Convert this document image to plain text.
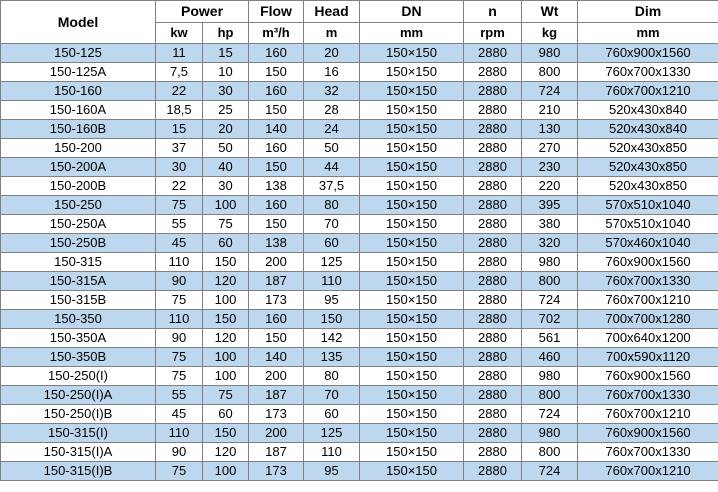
Model	Power		Flow	Head	DN	n	Wt	Dim
	kw	hp	m³/h	m	mm	rpm	kg	mm
150-125	11	15	160	20	150×150	2880	980	760x900x1560
150-125A	7,5	10	150	16	150×150	2880	800	760x700x1330
150-160	22	30	160	32	150×150	2880	724	760x700x1210
150-160A	18,5	25	150	28	150×150	2880	210	520x430x840
150-160B	15	20	140	24	150×150	2880	130	520x430x840
150-200	37	50	160	50	150×150	2880	270	520x430x850
150-200A	30	40	150	44	150×150	2880	230	520x430x850
150-200B	22	30	138	37,5	150×150	2880	220	520x430x850
150-250	75	100	160	80	150×150	2880	395	570x510x1040
150-250A	55	75	150	70	150×150	2880	380	570x510x1040
150-250B	45	60	138	60	150×150	2880	320	570x460x1040
150-315	110	150	200	125	150×150	2880	980	760x900x1560
150-315A	90	120	187	110	150×150	2880	800	760x700x1330
150-315B	75	100	173	95	150×150	2880	724	760x700x1210
150-350	110	150	160	150	150×150	2880	702	700x700x1280
150-350A	90	120	150	142	150×150	2880	561	700x640x1200
150-350B	75	100	140	135	150×150	2880	460	700x590x1120
150-250(I)	75	100	200	80	150×150	2880	980	760x900x1560
150-250(I)A	55	75	187	70	150×150	2880	800	760x700x1330
150-250(I)B	45	60	173	60	150×150	2880	724	760x700x1210
150-315(I)	110	150	200	125	150×150	2880	980	760x900x1560
150-315(I)A	90	120	187	110	150×150	2880	800	760x700x1330
150-315(I)B	75	100	173	95	150×150	2880	724	760x700x1210
